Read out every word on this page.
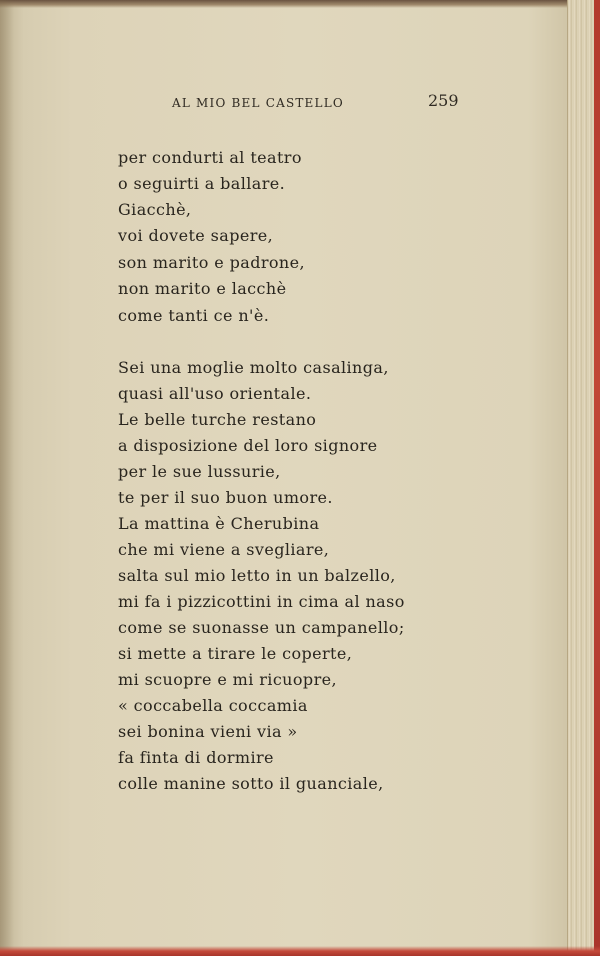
AL MIO BEL CASTELLO	259
per condurti al teatro
o seguirti a ballare.
Giacchè,
voi dovete sapere,
son marito e padrone,
non marito e lacchè
come tanti ce n'è.
Sei una moglie molto casalinga,
quasi all'uso orientale.
Le belle turche restano
a disposizione del loro signore
per le sue lussurie,
te per il suo buon umore.
La mattina è Cherubina
che mi viene a svegliare,
salta sul mio letto in un balzello,
mi fa i pizzicottini in cima al naso
come se suonasse un campanello;
si mette a tirare le coperte,
mi scuopre e mi ricuopre,
« coccabella coccamia
sei bonina vieni via »
fa finta di dormire
colle manine sotto il guanciale,
